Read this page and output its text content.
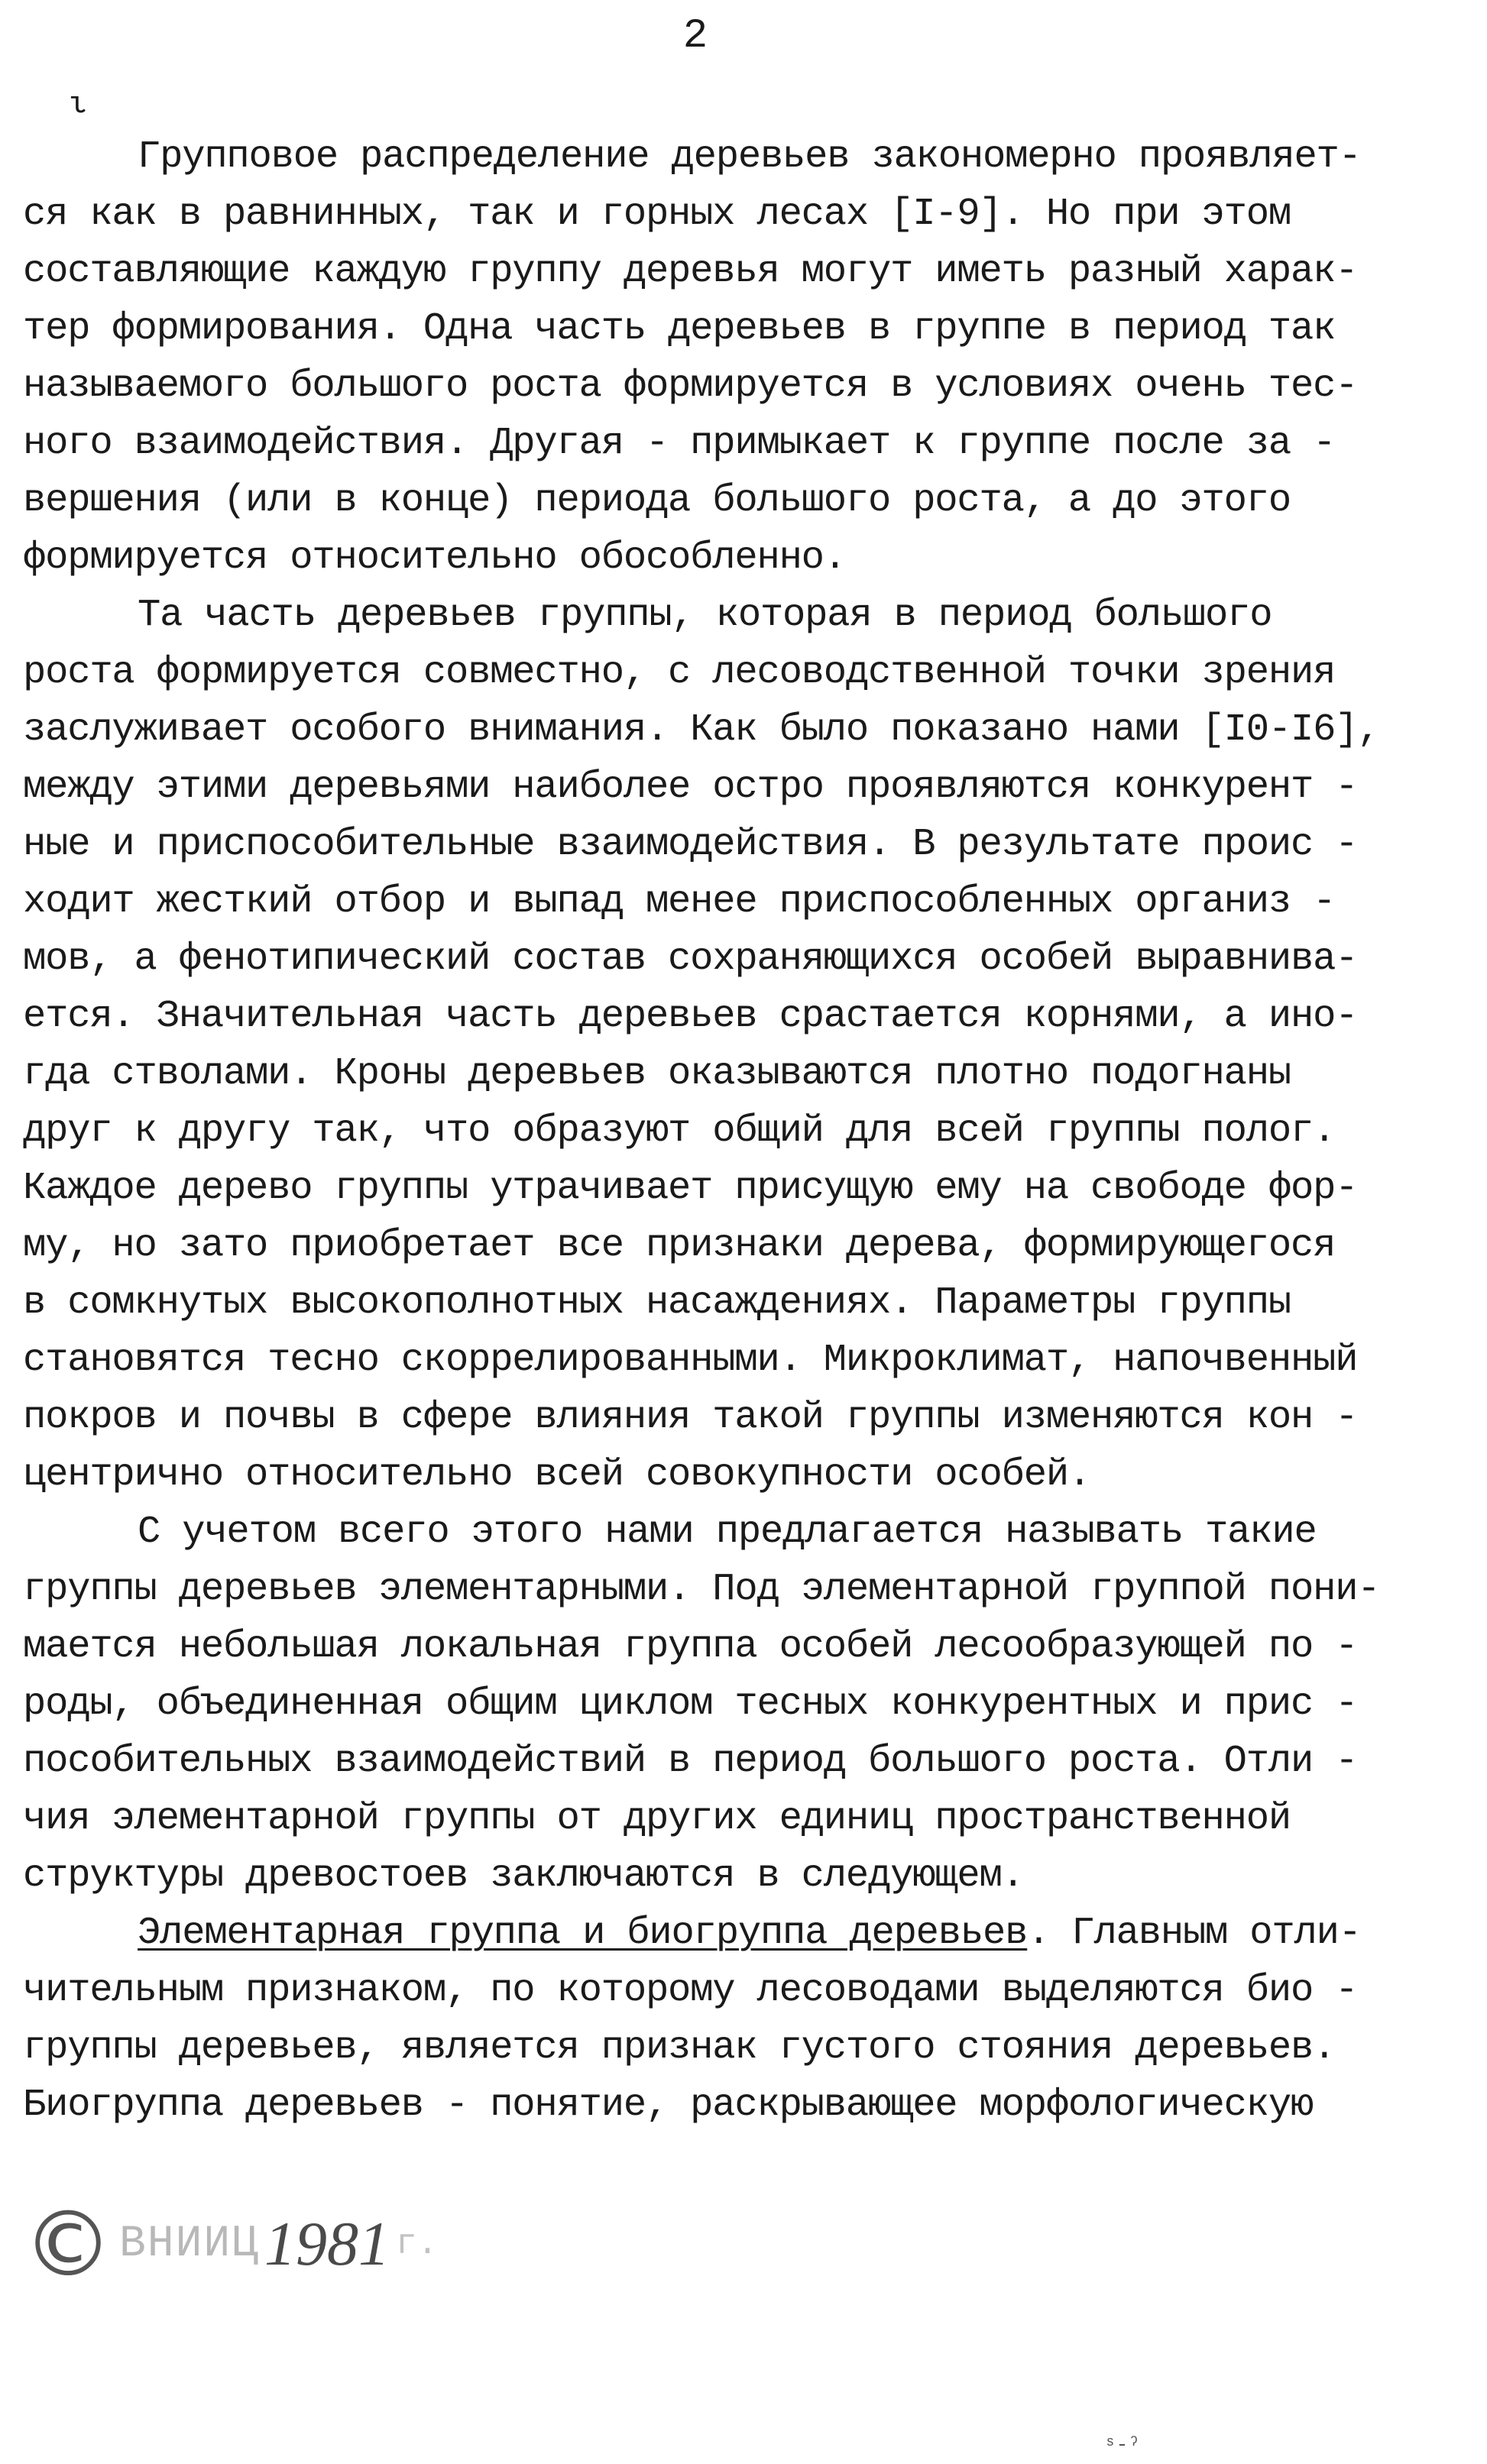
2
ι
Групповое распределение деревьев закономерно проявляет-
ся как в равнинных, так и горных лесах [I-9]. Но при этом
составляющие каждую группу деревья могут иметь разный харак-
тер формирования. Одна часть деревьев в группе в период так
называемого большого роста формируется в условиях очень тес-
ного взаимодействия. Другая - примыкает к группе после за -
вершения (или в конце) периода большого роста, а до этого
формируется относительно обособленно.
Та часть деревьев группы, которая в период большого
роста формируется совместно, с лесоводственной точки зрения
заслуживает особого внимания. Как было показано нами [I0-I6],
между этими деревьями наиболее остро проявляются конкурент -
ные и приспособительные взаимодействия. В результате проис -
ходит жесткий отбор и выпад менее приспособленных организ -
мов, а фенотипический состав сохраняющихся особей выравнива-
ется. Значительная часть деревьев срастается корнями, а ино-
гда стволами. Кроны деревьев оказываются плотно подогнаны
друг к другу так, что образуют общий для всей группы полог.
Каждое дерево группы утрачивает присущую ему на свободе фор-
му, но зато приобретает все признаки дерева, формирующегося
в сомкнутых высокополнотных насаждениях. Параметры группы
становятся тесно скоррелированными. Микроклимат, напочвенный
покров и почвы в сфере влияния такой группы изменяются кон -
центрично относительно всей совокупности особей.
С учетом всего этого нами предлагается называть такие
группы деревьев элементарными. Под элементарной группой пони-
мается небольшая локальная группа особей лесообразующей по -
роды, объединенная общим циклом тесных конкурентных и прис -
пособительных взаимодействий в период большого роста. Отли -
чия элементарной группы от других единиц пространственной
структуры древостоев заключаются в следующем.
Элементарная группа и биогруппа деревьев. Главным отли-
чительным признаком, по которому лесоводами выделяются био -
группы деревьев, является признак густого стояния деревьев.
Биогруппа деревьев - понятие, раскрывающее морфологическую
© ВНИИЦ 1981 г.
ˢ-ˀ
